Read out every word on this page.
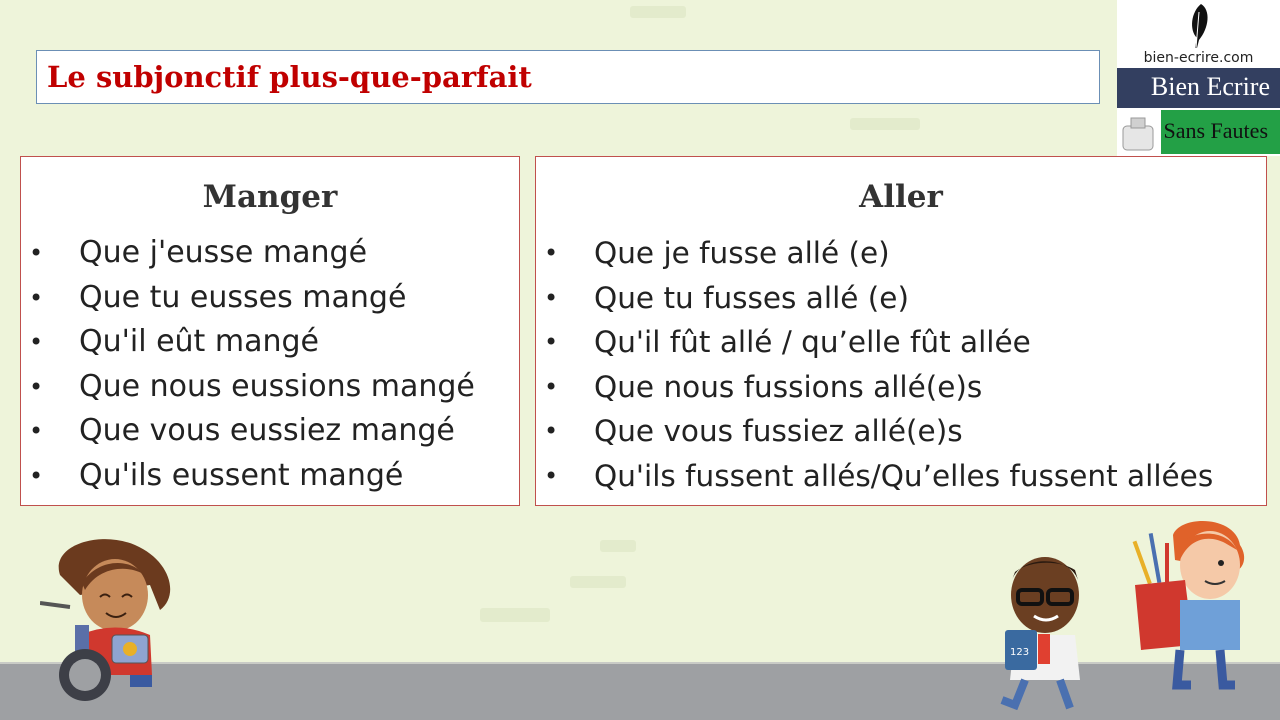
Le subjonctif plus-que-parfait
bien-ecrire.com
Bien Ecrire
Sans Fautes
Manger
• Que j'eusse mangé
• Que tu eusses mangé
• Qu'il eût mangé
• Que nous eussions mangé
• Que vous eussiez mangé
• Qu'ils eussent mangé
Aller
• Que je fusse allé (e)
• Que tu fusses allé (e)
• Qu'il fût allé / qu’elle fût allée
• Que nous fussions allé(e)s
• Que vous fussiez allé(e)s
• Qu'ils fussent allés/Qu’elles fussent allées
123
